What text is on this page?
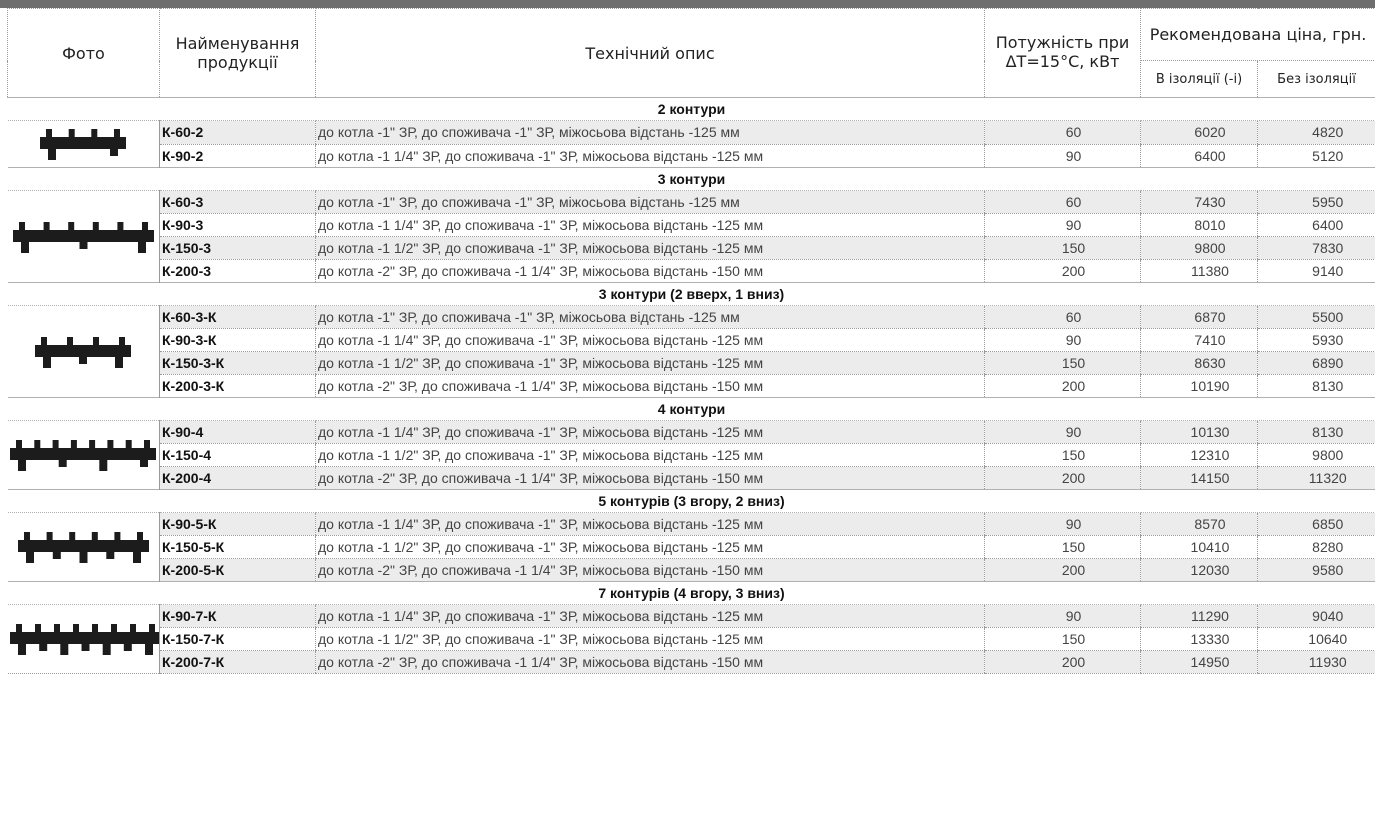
Фото	Найменування продукції	Технічний опис	Потужність при ΔT=15°C, кВт	Рекомендована ціна, грн.	
				В ізоляції (-і)	Без ізоляції
2 контури					

	К-60-2	до котла -1" ЗР, до споживача -1" ЗР, міжосьова відстань -125 мм	60	6020	4820
	К-90-2	до котла -1 1/4" ЗР, до споживача -1" ЗР, міжосьова відстань -125 мм	90	6400	5120
3 контури					

	К-60-3	до котла -1" ЗР, до споживача -1" ЗР, міжосьова відстань -125 мм	60	7430	5950
	К-90-3	до котла -1 1/4" ЗР, до споживача -1" ЗР, міжосьова відстань -125 мм	90	8010	6400
	К-150-3	до котла -1 1/2" ЗР, до споживача -1" ЗР, міжосьова відстань -125 мм	150	9800	7830
	К-200-3	до котла -2" ЗР, до споживача -1 1/4" ЗР, міжосьова відстань -150 мм	200	11380	9140
3 контури (2 вверх, 1 вниз)					

	К-60-3-К	до котла -1" ЗР, до споживача -1" ЗР, міжосьова відстань -125 мм	60	6870	5500
	К-90-3-К	до котла -1 1/4" ЗР, до споживача -1" ЗР, міжосьова відстань -125 мм	90	7410	5930
	К-150-3-К	до котла -1 1/2" ЗР, до споживача -1" ЗР, міжосьова відстань -125 мм	150	8630	6890
	К-200-3-К	до котла -2" ЗР, до споживача -1 1/4" ЗР, міжосьова відстань -150 мм	200	10190	8130
4 контури					

	К-90-4	до котла -1 1/4" ЗР, до споживача -1" ЗР, міжосьова відстань -125 мм	90	10130	8130
	К-150-4	до котла -1 1/2" ЗР, до споживача -1" ЗР, міжосьова відстань -125 мм	150	12310	9800
	К-200-4	до котла -2" ЗР, до споживача -1 1/4" ЗР, міжосьова відстань -150 мм	200	14150	11320
5 контурів (3 вгору, 2 вниз)					

	К-90-5-К	до котла -1 1/4" ЗР, до споживача -1" ЗР, міжосьова відстань -125 мм	90	8570	6850
	К-150-5-К	до котла -1 1/2" ЗР, до споживача -1" ЗР, міжосьова відстань -125 мм	150	10410	8280
	К-200-5-К	до котла -2" ЗР, до споживача -1 1/4" ЗР, міжосьова відстань -150 мм	200	12030	9580
7 контурів (4 вгору, 3 вниз)					

	К-90-7-К	до котла -1 1/4" ЗР, до споживача -1" ЗР, міжосьова відстань -125 мм	90	11290	9040
	К-150-7-К	до котла -1 1/2" ЗР, до споживача -1" ЗР, міжосьова відстань -125 мм	150	13330	10640
	К-200-7-К	до котла -2" ЗР, до споживача -1 1/4" ЗР, міжосьова відстань -150 мм	200	14950	11930
